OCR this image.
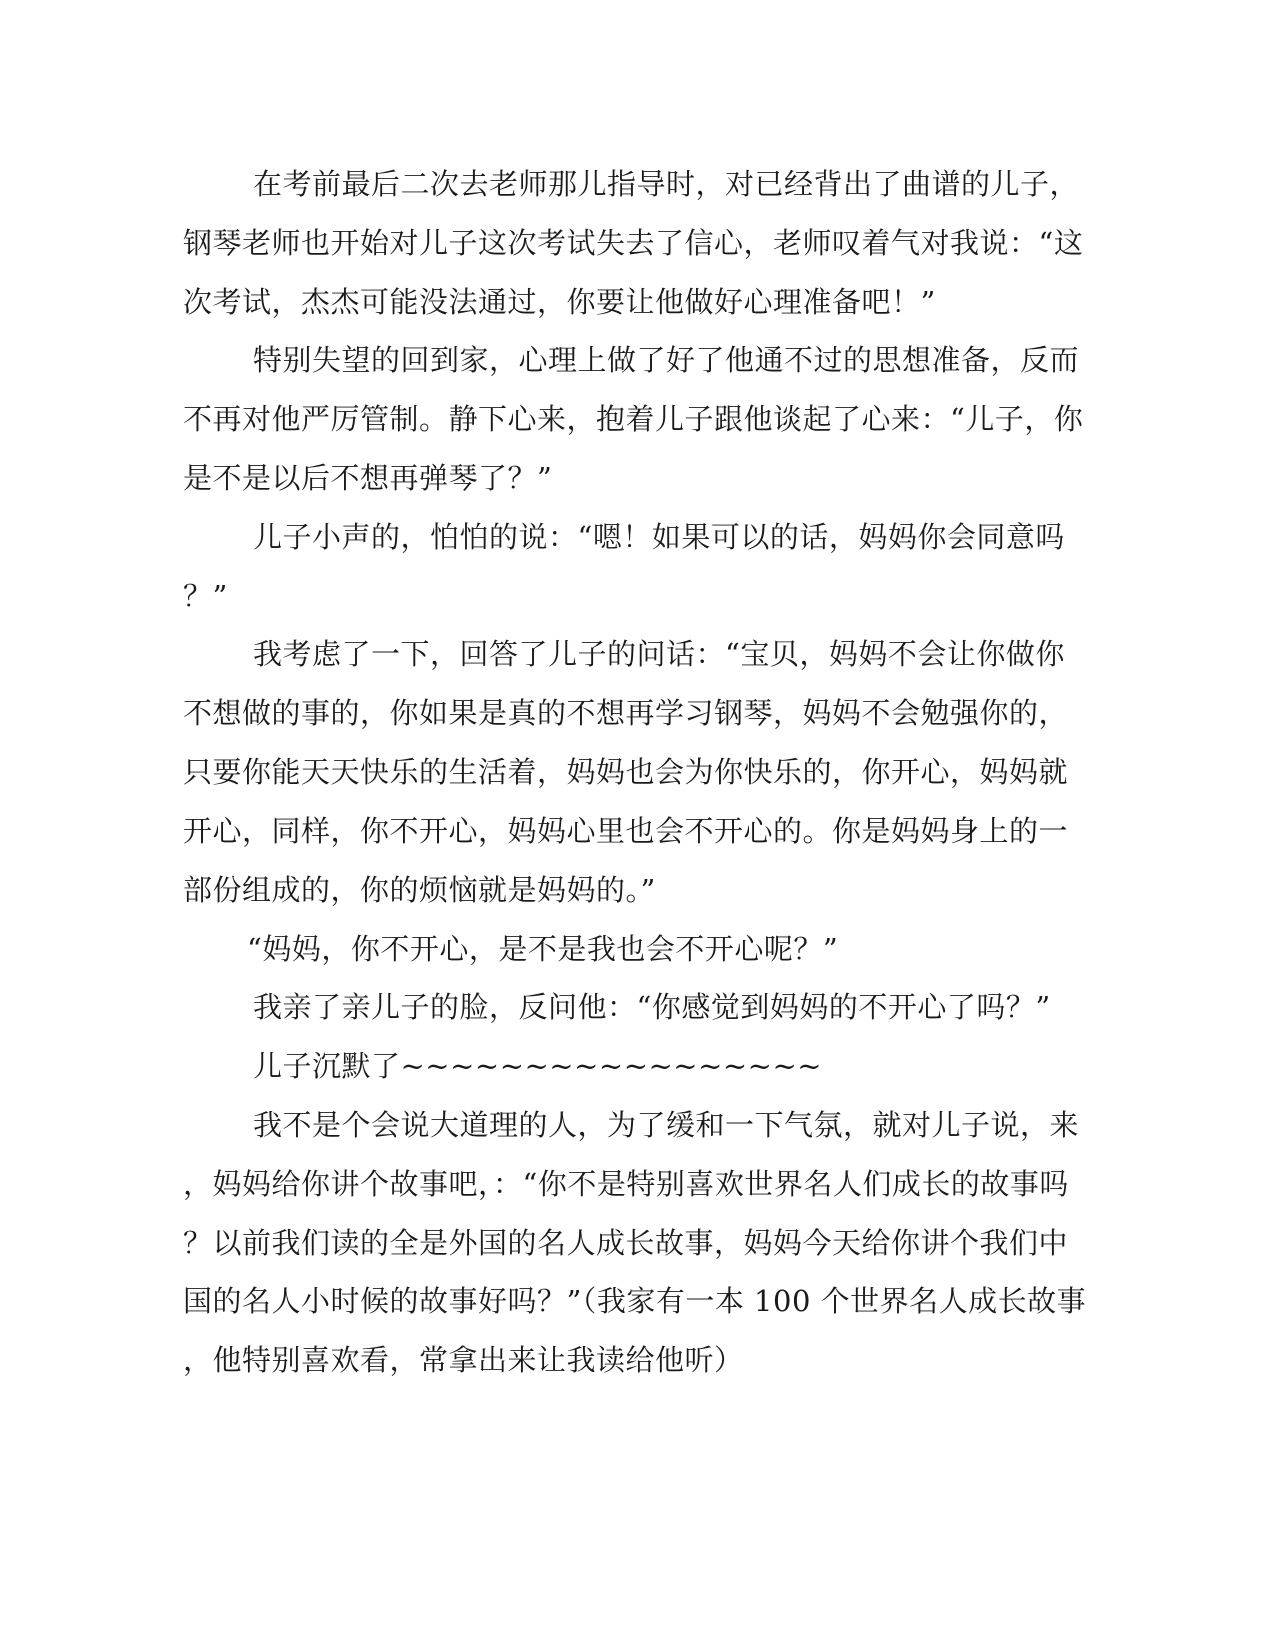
在考前最后二次去老师那儿指导时，对已经背出了曲谱的儿子，
钢琴老师也开始对儿子这次考试失去了信心，老师叹着气对我说：“这
次考试，杰杰可能没法通过，你要让他做好心理准备吧！”
特别失望的回到家，心理上做了好了他通不过的思想准备，反而
不再对他严厉管制。静下心来，抱着儿子跟他谈起了心来：“儿子，你
是不是以后不想再弹琴了？”
儿子小声的，怕怕的说：“嗯！如果可以的话，妈妈你会同意吗
？”
我考虑了一下，回答了儿子的问话：“宝贝，妈妈不会让你做你
不想做的事的，你如果是真的不想再学习钢琴，妈妈不会勉强你的，
只要你能天天快乐的生活着，妈妈也会为你快乐的，你开心，妈妈就
开心，同样，你不开心，妈妈心里也会不开心的。你是妈妈身上的一
部份组成的，你的烦恼就是妈妈的。”
“妈妈，你不开心，是不是我也会不开心呢？”
我亲了亲儿子的脸，反问他：“你感觉到妈妈的不开心了吗？”
儿子沉默了~~~~~~~~~~~~~~~~~
我不是个会说大道理的人，为了缓和一下气氛，就对儿子说，来
，妈妈给你讲个故事吧，：“你不是特别喜欢世界名人们成长的故事吗
？以前我们读的全是外国的名人成长故事，妈妈今天给你讲个我们中
国的名人小时候的故事好吗？”（我家有一本 100 个世界名人成长故事
，他特别喜欢看，常拿出来让我读给他听）
